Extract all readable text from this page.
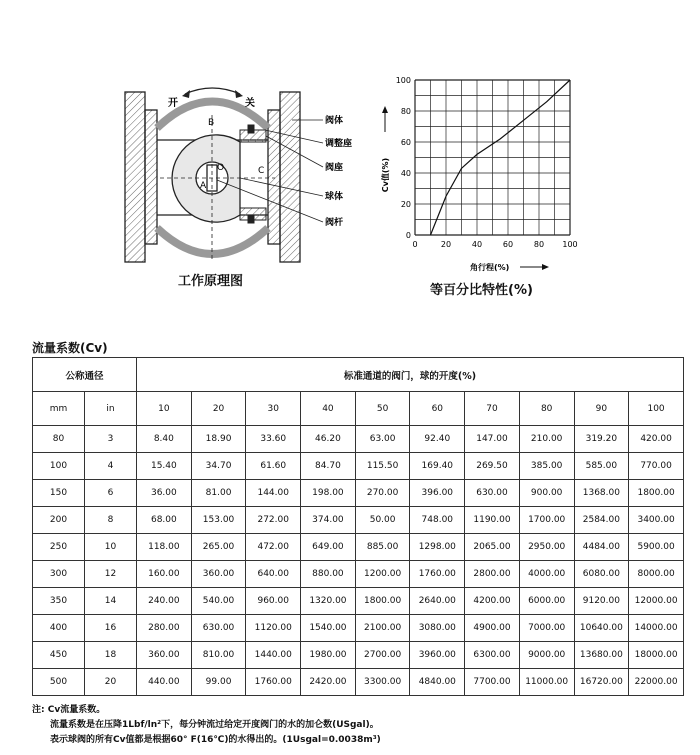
开	关
B
C
O
A
阀体
调整座
阀座
球体
阀杆
工作原理图
0	20	40	60	80 100
0
20
40
60
80
100
Cv值(%)
角行程(%)
等百分比特性(%)
流量系数(Cv)
公称通径		标准通道的阀门，球的开度(%)									
mm	in	10	20	30	40	50	60	70	80	90	100
80	3	8.40	18.90	33.60	46.20	63.00	92.40	147.00	210.00	319.20	420.00
100	4	15.40	34.70	61.60	84.70	115.50	169.40	269.50	385.00	585.00	770.00
150	6	36.00	81.00	144.00	198.00	270.00	396.00	630.00	900.00	1368.00	1800.00
200	8	68.00	153.00	272.00	374.00	50.00	748.00	1190.00	1700.00	2584.00	3400.00
250	10	118.00	265.00	472.00	649.00	885.00	1298.00	2065.00	2950.00	4484.00	5900.00
300	12	160.00	360.00	640.00	880.00	1200.00	1760.00	2800.00	4000.00	6080.00	8000.00
350	14	240.00	540.00	960.00	1320.00	1800.00	2640.00	4200.00	6000.00	9120.00	12000.00
400	16	280.00	630.00	1120.00	1540.00	2100.00	3080.00	4900.00	7000.00	10640.00	14000.00
450	18	360.00	810.00	1440.00	1980.00	2700.00	3960.00	6300.00	9000.00	13680.00	18000.00
500	20	440.00	99.00	1760.00	2420.00	3300.00	4840.00	7700.00	11000.00	16720.00	22000.00
注: Cv流量系数。
流量系数是在压降1Lbf/ln²下，每分钟流过给定开度阀门的水的加仑数(USgal)。
表示球阀的所有Cv值都是根据60° F(16℃)的水得出的。(1Usgal=0.0038m³)
